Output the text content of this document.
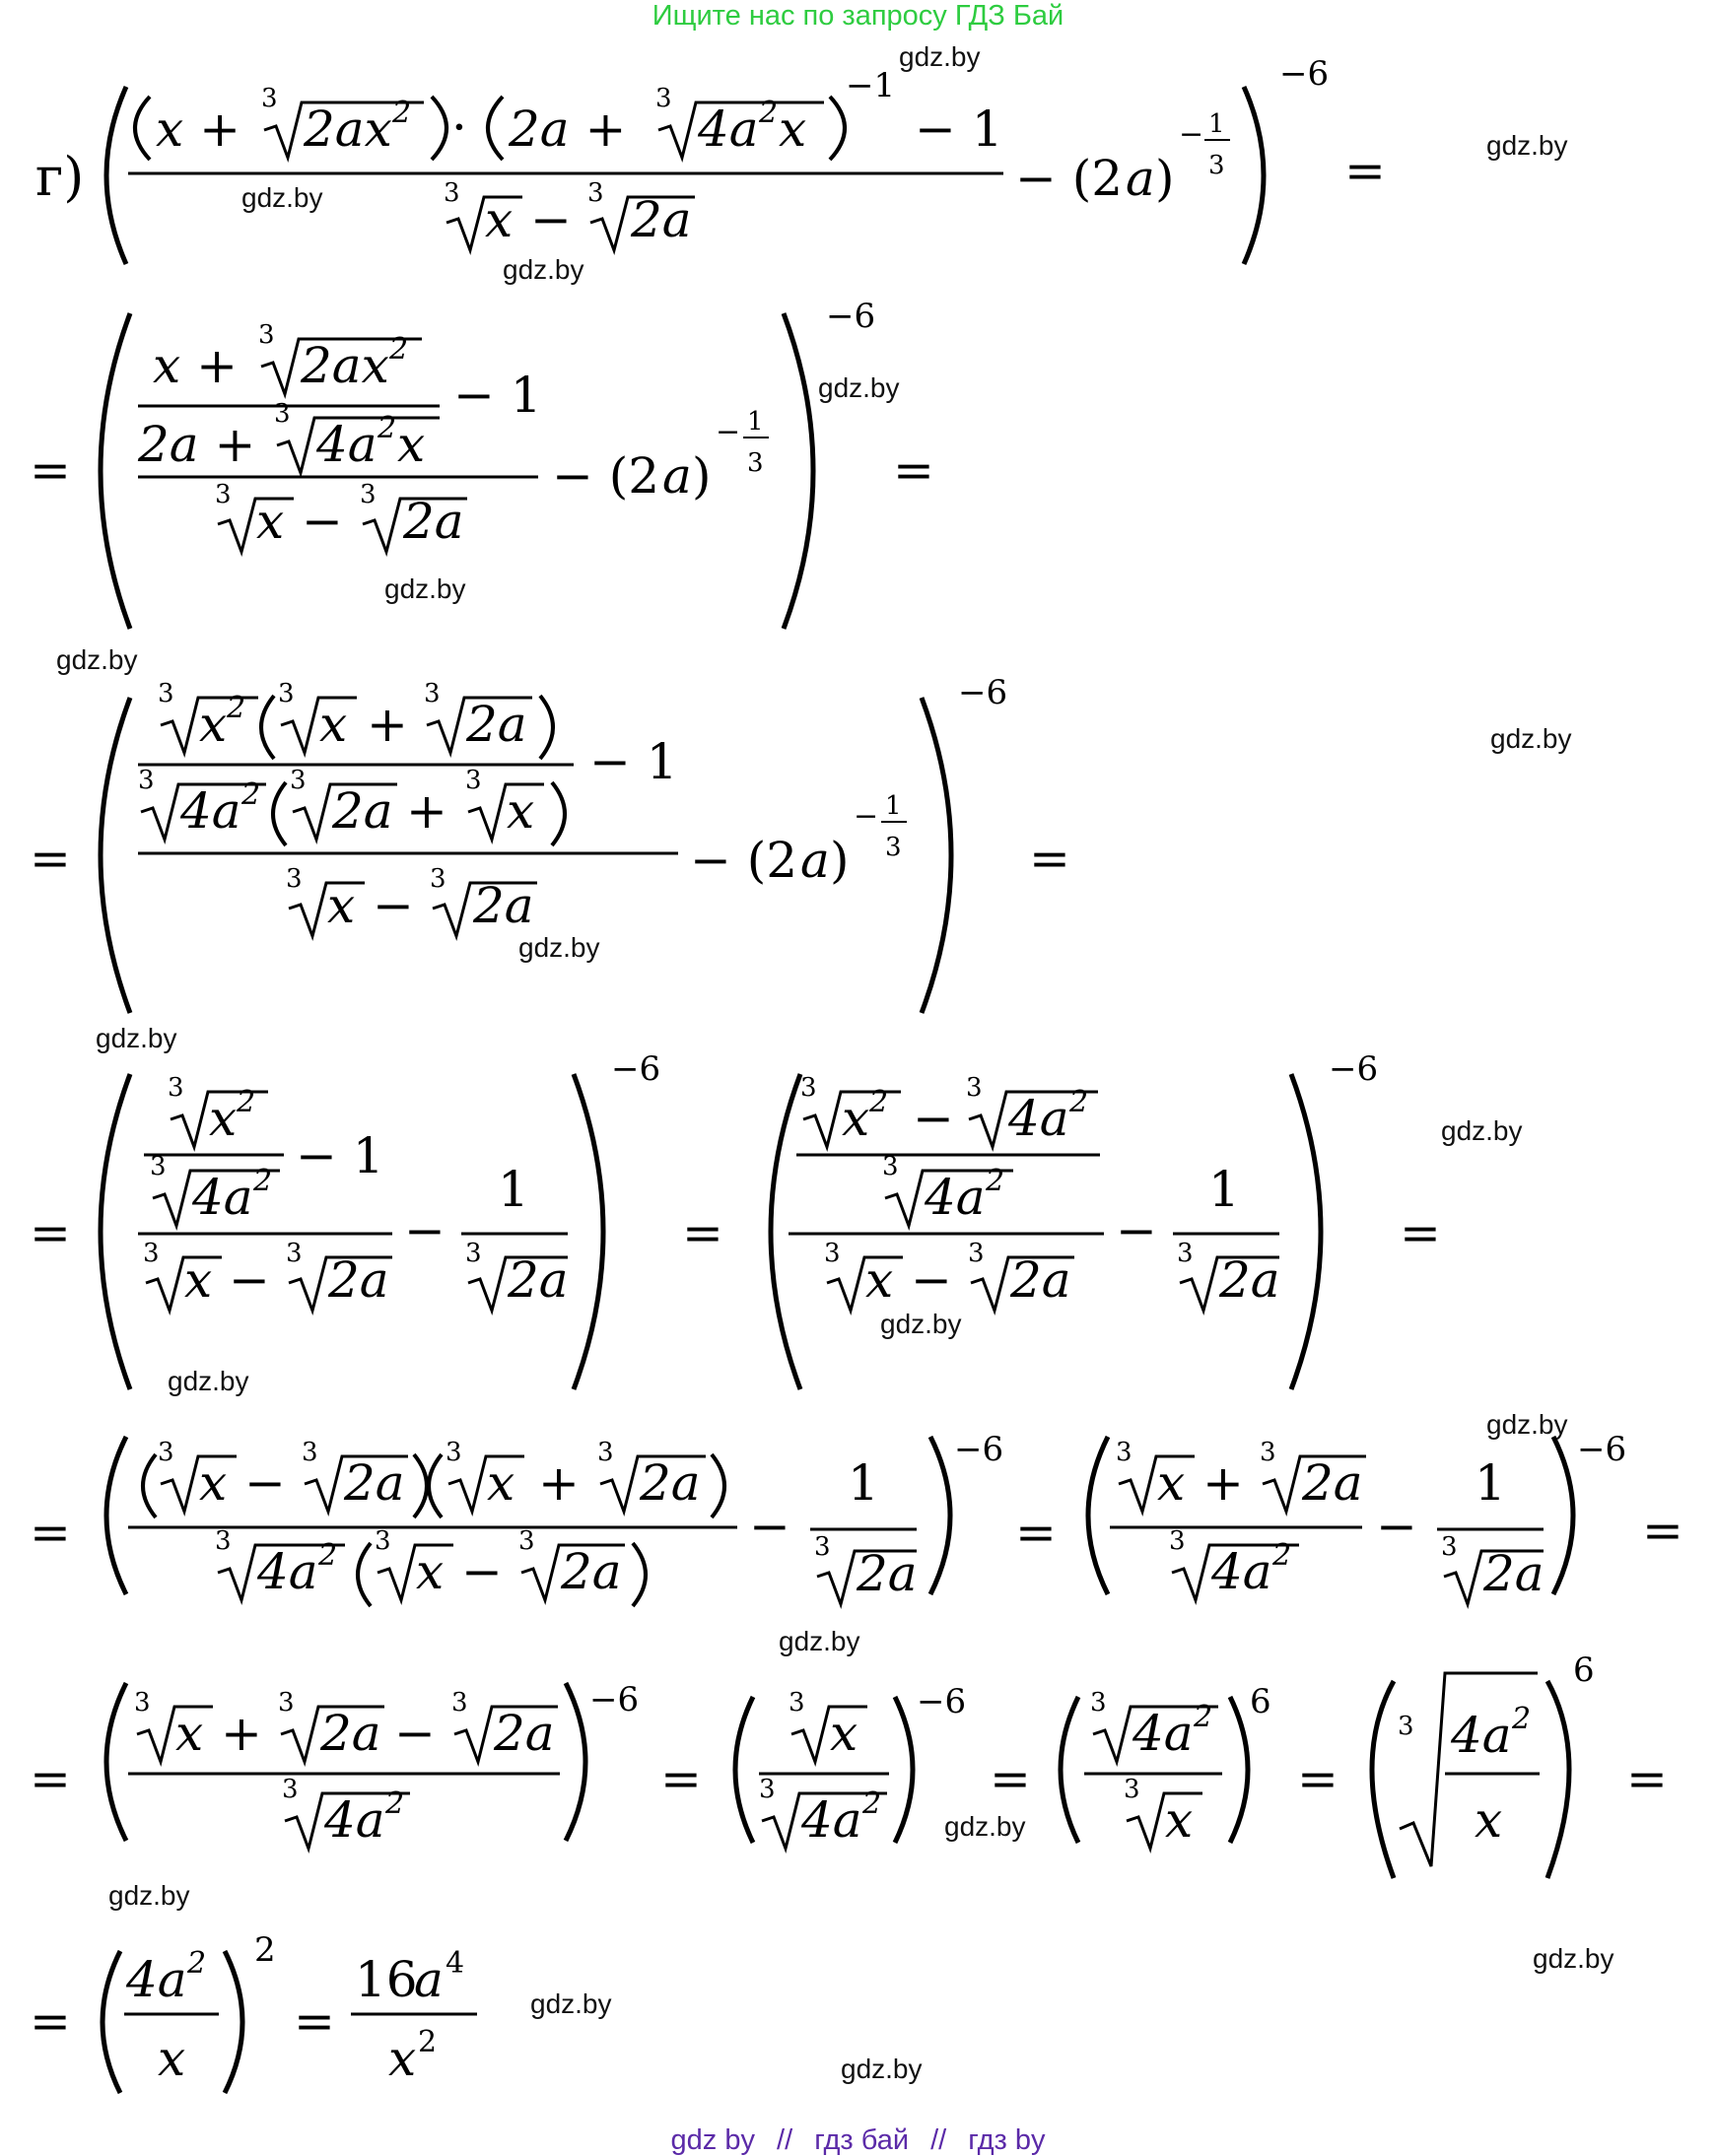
Ищите нас по запросу ГДЗ Бай
gdz.by
gdz.by
gdz.by
gdz.by
gdz.by
gdz.by
gdz.by
gdz.by
gdz.by
gdz.by
gdz.by
gdz.by
gdz.by
gdz.by
gdz.by
gdz.by
gdz.by
gdz.by
gdz.by
gdz.by
г)
x +
3
2ax 2 · 2a +
3
4a 2 x
−1
− 1
3 x − 3 2a
− (2 a )
− 1
3
−6
=
=
x +
3
2ax 2
2a +
3
4a 2 x
− 1
3 x − 3 2a
− (2 a )
− 1
3
−6
=
=
3
x 2 3
x +
3
2a
3
4a 2 3
2a +
3
x
− 1
3 x − 3 2a
− (2 a )
− 1
3
−6
=
=
3
x 2
3
4a 2 − 1
3 x − 3 2a
−
1
3 2a
−6
=
3
x 2 −
3
4a 2
3
4a 2
3 x − 3 2a
−
1
3 2a
−6
=
=
3
x −
3
2a
3
x +
3
2a
3
4a 2 3
x −
3
2a
−
1
3 2a
−6
=
3
x +
3
2a
3
4a 2
−
1
3 2a
−6
=
=
3
x +
3
2a −
3
2a
3
4a 2
−6
=
3
x
3
4a 2
−6
=
3
4a 2
3
x
6
=
3 4a 2
x
6
=
=
4a 2
x
2
=
16
a 4
x 2
gdz by // гдз бай // гдз by
